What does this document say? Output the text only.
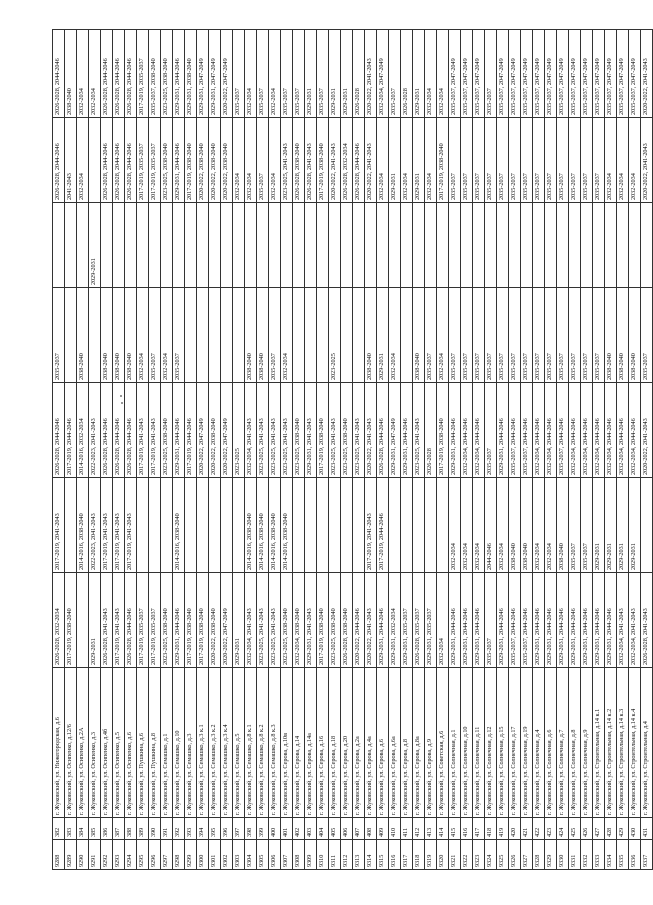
9288	382	г. Жуковский, ул. Нижегородская, д.6	2026-2028, 2032-2034	2017-2019, 2041-2043	2026-2028, 2044-2046	2035-2037		2026-2028, 2044-2046	2026-2028, 2044-2046
9289	383	г. Жуковский, ул. Осипенко, д.12/6	2017-2019, 2038-2040		2017-2019, 2044-2046			2041-2043	2038-2040
9290	384	г. Жуковский, ул. Осипенко, д.2А		2014-2016, 2038-2040	2014-2016, 2032-2034	2038-2040		2032-2034	2032-2034
9291	385	г. Жуковский, ул. Осипенко, д.3	2029-2031	2022-2023, 2041-2043	2022-2023, 2041-2043		2029-2031		2032-2034
9292	386	г. Жуковский, ул. Осипенко, д.4б	2026-2028, 2041-2043	2017-2019, 2041-2043	2026-2028, 2044-2046	2038-2040		2026-2028, 2044-2046	2026-2028, 2044-2046
9293	387	г. Жуковский, ул. Осипенко, д.5	2017-2019, 2041-2043	2017-2019, 2041-2043	2026-2028, 2044-2046	2038-2040		2026-2028, 2044-2046	2026-2028, 2044-2046
9294	388	г. Жуковский, ул. Осипенко, д.6	2026-2028, 2044-2046	2017-2019, 2041-2043	2026-2028, 2044-2046	2038-2040		2026-2028, 2044-2046	2026-2028, 2044-2046
9295	389	г. Жуковский, ул. Пушкина, д.6	2017-2019, 2035-2037		2017-2019, 2041-2043	2032-2034		2017-2019, 2035-2037	2017-2019, 2035-2037
9296	390	г. Жуковский, ул. Пушкина, д.8	2017-2019, 2035-2037		2017-2019, 2041-2043	2035-2037		2017-2019, 2035-2037	2035-2037, 2038-2040
9297	391	г. Жуковский, ул. Семашко, д.1	2023-2025, 2038-2040		2023-2025, 2038-2040	2032-2034		2023-2025, 2038-2040	2023-2025, 2038-2040
9298	392	г. Жуковский, ул. Семашко, д.10	2029-2031, 2044-2046	2014-2016, 2038-2040	2029-2031, 2044-2046	2035-2037		2029-2031, 2044-2046	2029-2031, 2044-2046
9299	393	г. Жуковский, ул. Семашко, д.3	2017-2019, 2038-2040		2017-2019, 2044-2046			2017-2019, 2038-2040	2029-2031, 2038-2040
9300	394	г. Жуковский, ул. Семашко, д.3 к.1	2017-2019, 2038-2040		2020-2022, 2047-2049			2020-2022, 2038-2040	2029-2031, 2047-2049
9301	395	г. Жуковский, ул. Семашко, д.3 к.2	2020-2022, 2038-2040		2020-2022, 2038-2040			2020-2022, 2038-2040	2029-2031, 2047-2049
9302	396	г. Жуковский, ул. Семашко, д.3 к.4	2020-2022, 2047-2049		2020-2022, 2047-2049			2020-2022, 2038-2040	2020-2022, 2047-2049
9303	397	г. Жуковский, ул. Семашко, д.5	2029-2031		2023-2025			2032-2034	2035-2037
9304	398	г. Жуковский, ул. Семашко, д.8 к.1	2032-2034, 2041-2043	2014-2016, 2038-2040	2032-2034, 2041-2043	2038-2040		2032-2034	2032-2034
9305	399	г. Жуковский, ул. Семашко, д.8 к.2	2023-2025, 2041-2043	2014-2016, 2038-2040	2023-2025, 2041-2043	2038-2040		2035-2037	2035-2037
9306	400	г. Жуковский, ул. Семашко, д.8 к.3	2023-2025, 2041-2043	2014-2016, 2038-2040	2023-2025, 2041-2043	2035-2037		2032-2034	2032-2034
9307	401	г. Жуковский, ул. Серова, д.10в	2023-2025, 2038-2040	2014-2016, 2038-2040	2023-2025, 2041-2043	2032-2034		2023-2025, 2041-2043	2035-2037
9308	402	г. Жуковский, ул. Серова, д.14	2032-2034, 2038-2040		2023-2025, 2038-2040			2026-2028, 2038-2040	2035-2037
9309	403	г. Жуковский, ул. Серова, д.14а	2029-2031, 2041-2043		2029-2031, 2041-2043			2026-2028, 2041-2043	2029-2031
9310	404	г. Жуковский, ул. Серова, д.16	2017-2019, 2038-2040		2017-2019, 2038-2040			2017-2019, 2038-2040	2035-2037
9311	405	г. Жуковский, ул. Серова, д.18	2023-2025, 2038-2040		2023-2025, 2041-2043	2023-2025		2020-2022, 2041-2043	2029-2031
9312	406	г. Жуковский, ул. Серова, д.20	2026-2028, 2038-2040		2023-2025, 2038-2040			2026-2028, 2032-2034	2029-2031
9313	407	г. Жуковский, ул. Серова, д.2а	2020-2022, 2044-2046		2023-2025, 2041-2043			2026-2028, 2044-2046	2026-2028
9314	408	г. Жуковский, ул. Серова, д.4а	2020-2022, 2041-2043	2017-2019, 2041-2043	2020-2022, 2041-2043	2038-2040		2020-2022, 2041-2043	2020-2022, 2041-2043
9315	409	г. Жуковский, ул. Серова, д.6	2029-2031, 2044-2046	2017-2019, 2044-2046	2026-2028, 2044-2046	2029-2031		2032-2034	2032-2034, 2047-2049
9316	410	г. Жуковский, ул. Серова, д.6а	2029-2031, 2032-2034		2029-2031, 2047-2049	2032-2034		2029-2031	2035-2037
9317	411	г. Жуковский, ул. Серова, д.8	2029-2031, 2035-2037		2029-2031, 2044-2046			2032-2034	2026-2028
9318	412	г. Жуковский, ул. Серова, д.8а	2026-2028, 2035-2037		2023-2025, 2041-2043	2038-2040		2029-2031	2029-2031
9319	413	г. Жуковский, ул. Серова, д.9	2029-2031, 2035-2037		2026-2028	2035-2037		2032-2034	2032-2034
9320	414	г. Жуковский, ул. Советская, д.6	2032-2034		2017-2019, 2038-2040	2032-2034		2017-2019, 2038-2040	2032-2034
9321	415	г. Жуковский, ул. Солнечная, д.1	2029-2031, 2044-2046	2032-2034	2029-2031, 2044-2046	2035-2037		2035-2037	2035-2037, 2047-2049
9322	416	г. Жуковский, ул. Солнечная, д.10	2029-2031, 2044-2046	2032-2034	2032-2034, 2044-2046	2035-2037		2035-2037	2035-2037, 2047-2049
9323	417	г. Жуковский, ул. Солнечная, д.11	2029-2031, 2044-2046	2032-2034	2032-2034, 2044-2046	2035-2037		2035-2037	2035-2037, 2047-2049
9324	418	г. Жуковский, ул. Солнечная, д.12	2035-2037	2044-2046	2035-2037	2035-2037		2035-2037	2035-2037
9325	419	г. Жуковский, ул. Солнечная, д.15	2029-2031, 2044-2046	2032-2034	2029-2031, 2044-2046	2035-2037		2035-2037	2035-2037, 2047-2049
9326	420	г. Жуковский, ул. Солнечная, д.17	2035-2037, 2044-2046	2038-2040	2035-2037, 2044-2046	2035-2037		2035-2037	2035-2037, 2047-2049
9327	421	г. Жуковский, ул. Солнечная, д.19	2035-2037, 2044-2046	2038-2040	2035-2037, 2044-2046	2035-2037		2035-2037	2035-2037, 2047-2049
9328	422	г. Жуковский, ул. Солнечная, д.4	2029-2031, 2044-2046	2032-2034	2032-2034, 2044-2046	2035-2037		2035-2037	2035-2037, 2047-2049
9329	423	г. Жуковский, ул. Солнечная, д.6	2029-2031, 2044-2046	2032-2034	2032-2034, 2044-2046	2035-2037		2035-2037	2035-2037, 2047-2049
9330	424	г. Жуковский, ул. Солнечная, д.7	2029-2031, 2044-2046	2038-2040	2035-2037, 2044-2046	2035-2037		2035-2037	2035-2037, 2047-2049
9331	425	г. Жуковский, ул. Солнечная, д.8	2029-2031, 2044-2046	2035-2037	2032-2034, 2044-2046	2035-2037		2035-2037	2035-2037, 2047-2049
9332	426	г. Жуковский, ул. Солнечная, д.9	2029-2031, 2044-2046	2035-2037	2032-2034, 2044-2046	2035-2037		2035-2037	2035-2037, 2047-2049
9333	427	г. Жуковский, ул. Строительная, д.14 к.1	2029-2031, 2044-2046	2029-2031	2032-2034, 2044-2046	2035-2037		2035-2037	2035-2037, 2047-2049
9334	428	г. Жуковский, ул. Строительная, д.14 к.2	2029-2031, 2044-2046	2029-2031	2032-2034, 2044-2046	2038-2040		2032-2034	2035-2037, 2047-2049
9335	429	г. Жуковский, ул. Строительная, д.14 к.3	2032-2034, 2041-2043	2029-2031	2032-2034, 2044-2046	2038-2040		2032-2034	2035-2037, 2047-2049
9336	430	г. Жуковский, ул. Строительная, д.14 к.4	2032-2034, 2041-2043	2029-2031	2032-2034, 2044-2046	2038-2040		2032-2034	2035-2037, 2047-2049
9337	431	г. Жуковский, ул. Строительная, д.4	2026-2028, 2041-2043		2020-2022, 2041-2043	2035-2037		2020-2022, 2041-2043	2020-2022, 2041-2043
